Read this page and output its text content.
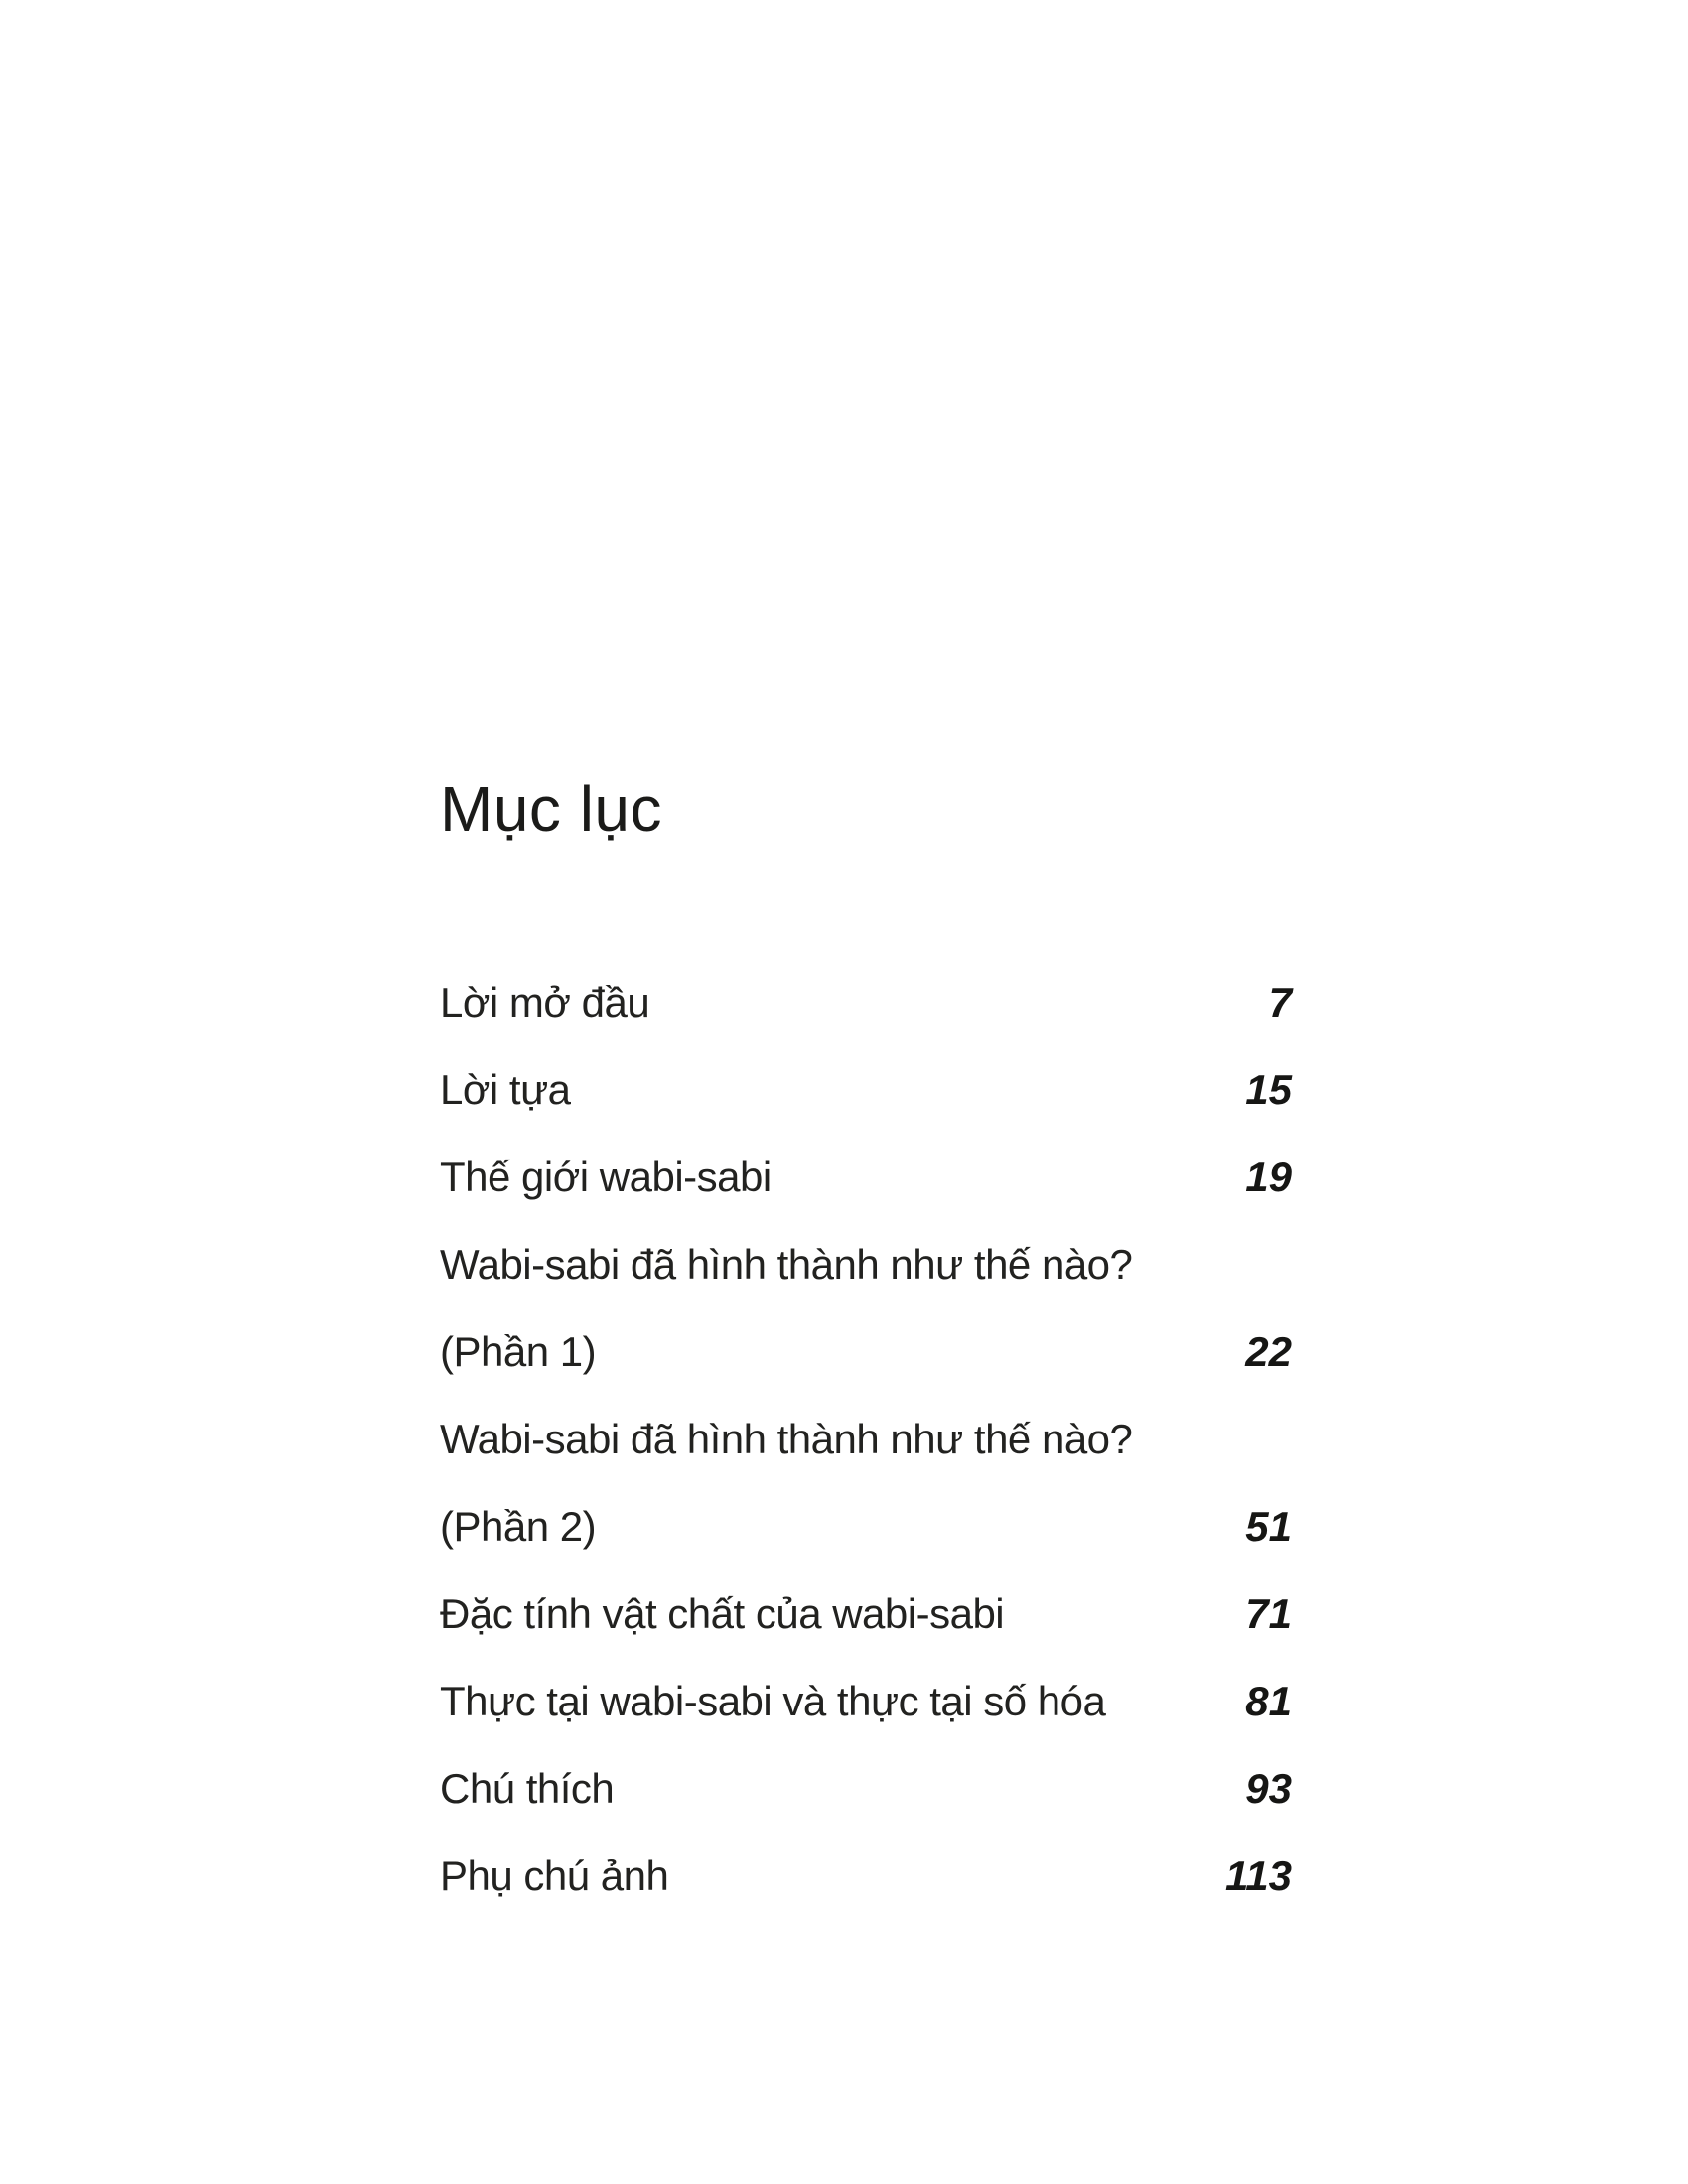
Mục lục
Lời mở đầu	7
Lời tựa	15
Thế giới wabi-sabi	19
Wabi-sabi đã hình thành như thế nào?
(Phần 1)	22
Wabi-sabi đã hình thành như thế nào?
(Phần 2)	51
Đặc tính vật chất của wabi-sabi	71
Thực tại wabi-sabi và thực tại số hóa	81
Chú thích	93
Phụ chú ảnh	113
